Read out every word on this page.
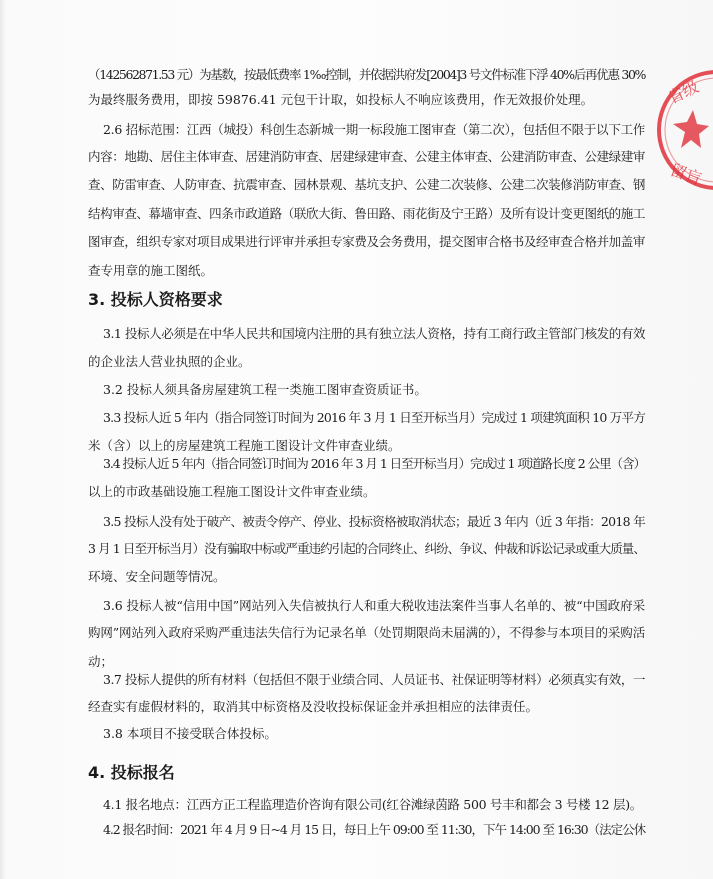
（142562871.53 元）为基数，按最低费率 1‰控制，并依据洪府发[2004]3 号文件标准下浮 40%后再优惠 30%
为最终服务费用，即按 59876.41 元包干计取，如投标人不响应该费用，作无效报价处理。
2.6 招标范围：江西（城投）科创生态新城一期一标段施工图审查（第二次），包括但不限于以下工作
内容：地勘、居住主体审查、居建消防审查、居建绿建审查、公建主体审查、公建消防审查、公建绿建审
查、防雷审查、人防审查、抗震审查、园林景观、基坑支护、公建二次装修、公建二次装修消防审查、钢
结构审查、幕墙审查、四条市政道路（联欣大街、鲁田路、雨花街及宁王路）及所有设计变更图纸的施工
图审查，组织专家对项目成果进行评审并承担专家费及会务费用，提交图审合格书及经审查合格并加盖审
查专用章的施工图纸。
3. 投标人资格要求
3.1 投标人必须是在中华人民共和国境内注册的具有独立法人资格，持有工商行政主管部门核发的有效
的企业法人营业执照的企业。
3.2 投标人须具备房屋建筑工程一类施工图审查资质证书。
3.3 投标人近 5 年内（指合同签订时间为 2016 年 3 月 1 日至开标当月）完成过 1 项建筑面积 10 万平方
米（含）以上的房屋建筑工程施工图设计文件审查业绩。
3.4 投标人近 5 年内（指合同签订时间为 2016 年 3 月 1 日至开标当月）完成过 1 项道路长度 2 公里（含）
以上的市政基础设施工程施工图设计文件审查业绩。
3.5 投标人没有处于破产、被责令停产、停业、投标资格被取消状态；最近 3 年内（近 3 年指：2018 年
3 月 1 日至开标当月）没有骗取中标或严重违约引起的合同终止、纠纷、争议、仲裁和诉讼记录或重大质量、
环境、安全问题等情况。
3.6 投标人被“信用中国”网站列入失信被执行人和重大税收违法案件当事人名单的、被“中国政府采
购网”网站列入政府采购严重违法失信行为记录名单（处罚期限尚未届满的），不得参与本项目的采购活
动；
3.7 投标人提供的所有材料（包括但不限于业绩合同、人员证书、社保证明等材料）必须真实有效，一
经查实有虚假材料的，取消其中标资格及没收投标保证金并承担相应的法律责任。
3.8 本项目不接受联合体投标。
4. 投标报名
4.1 报名地点：江西方正工程监理造价咨询有限公司(红谷滩绿茵路 500 号丰和都会 3 号楼 12 层)。
4.2 报名时间：2021 年 4 月 9 日~4 月 15 日，每日上午 09:00 至 11:30，下午 14:00 至 16:30（法定公休
省级
留盲
